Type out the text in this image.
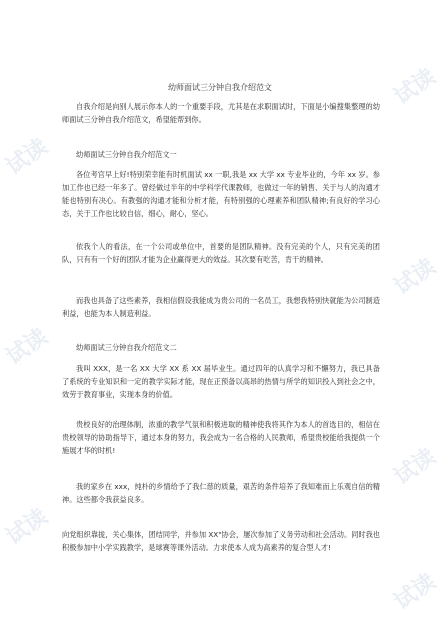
试读
试读
试读
试读
试读
试读
试读
幼师面试三分钟自我介绍范文

自我介绍是向别人展示你本人的一个重要手段，尤其是在求职面试时，下面是小编搜集整理的幼师面试三分钟自我介绍范文，希望能帮到你。

幼师面试三分钟自我介绍范文一

各位考官早上好!特别荣幸能有时机面试 xx 一职,我是 xx 大学 xx 专业毕业的，今年 xx 岁。参加工作也已经一年多了。曾经做过半年的中学科学代课教师，也做过一年的销售、关于与人的沟通才能也特别有决心。有教强的沟通才能和分析才能，有特别强的心理素养和团队精神;有良好的学习心态，关于工作也比较自信，细心，耐心，坚心。

依我个人的看法，在一个公司或单位中，首要的是团队精神。没有完美的个人，只有完美的团队，只有有一个好的团队才能为企业赢得更大的效益。其次要有吃苦，肯干的精神。

而我也具备了这些素养，我相信假设我能成为贵公司的一名员工，我想我特别快就能为公司制造利益，也能为本人制造利益。

幼师面试三分钟自我介绍范文二

我叫 XXX，是一名 XX 大学 XX 系 XX 届毕业生。通过四年的认真学习和不懈努力，我已具备了系统的专业知识和一定的教学实际才能，现在正预备以高昂的热情与所学的知识投入到社会之中，效劳于教育事业，实现本身的价值。

贵校良好的治理体制，浓重的教学气氛和积极进取的精神使我将其作为本人的首选目的，相信在贵校领导的协助指导下，通过本身的努力，我会成为一名合格的人民教师，希望贵校能给我提供一个施展才华的时机!

我的家乡在 xxx，纯朴的乡情给予了我仁慈的质量，艰苦的条件培养了我知难而上乐观自信的精神。这些都令我获益良多。

向党组织靠拢，关心集体，团结同学，并参加 XX"协会，屡次参加了义务劳动和社会活动。同时我也积极参加中小学实践教学，是球赛等课外活动。力求使本人成为高素养的复合型人才!
